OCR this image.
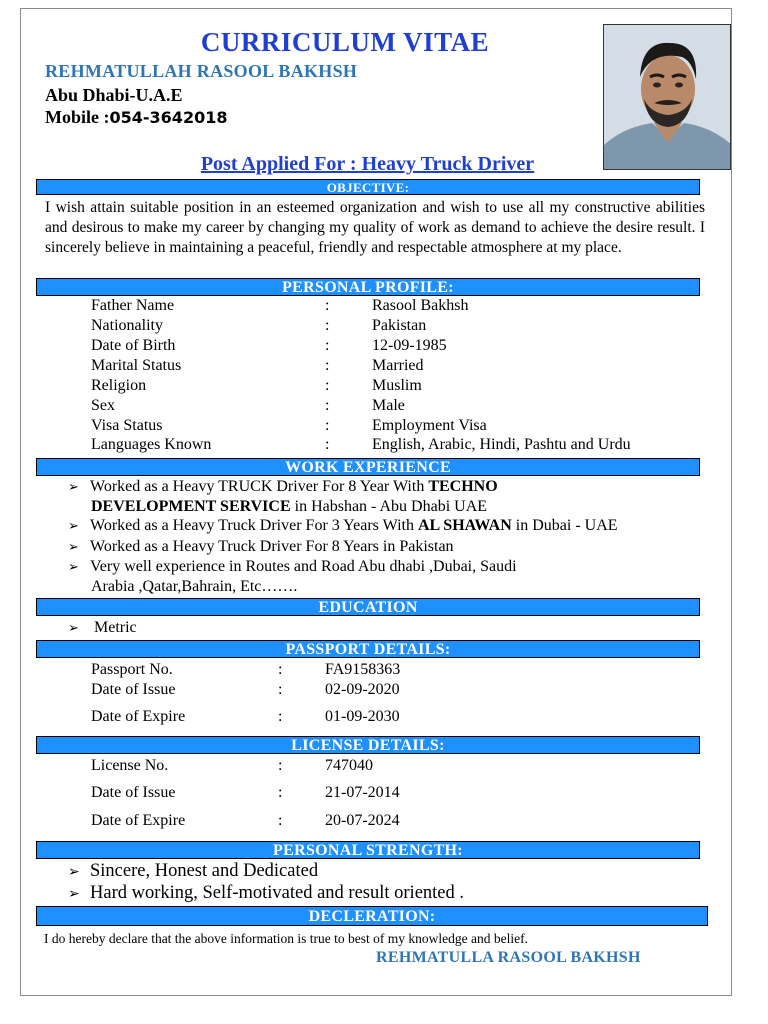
CURRICULUM VITAE
REHMATULLAH RASOOL BAKHSH
Abu Dhabi-U.A.E
Mobile :054-3642018
Post Applied For : Heavy Truck Driver
OBJECTIVE:
I wish attain suitable position in an esteemed organization and wish to use all my constructive abilities and desirous to make my career by changing my quality of work as demand to achieve the desire result. I sincerely believe in maintaining a peaceful, friendly and respectable atmosphere at my place.
PERSONAL PROFILE:
Father Name	:	Rasool Bakhsh
Nationality	:	Pakistan
Date of Birth	:	12-09-1985
Marital Status	:	Married
Religion	:	Muslim
Sex	:	Male
Visa Status	:	Employment Visa
Languages Known	:	English, Arabic, Hindi, Pashtu and Urdu
WORK EXPERIENCE
➢ Worked as a Heavy TRUCK Driver For 8 Year With TECHNO
DEVELOPMENT SERVICE in Habshan - Abu Dhabi UAE
➢ Worked as a Heavy Truck Driver For 3 Years With AL SHAWAN in Dubai - UAE
➢ Worked as a Heavy Truck Driver For 8 Years in Pakistan
➢ Very well experience in Routes and Road Abu dhabi ,Dubai, Saudi
Arabia ,Qatar,Bahrain, Etc…….
EDUCATION
➢ Metric
PASSPORT DETAILS:
Passport No.	:	FA9158363
Date of Issue	:	02-09-2020
Date of Expire	:	01-09-2030
LICENSE DETAILS:
License No.	:	747040
Date of Issue	:	21-07-2014
Date of Expire	:	20-07-2024
PERSONAL STRENGTH:
➢ Sincere, Honest and Dedicated
➢ Hard working, Self-motivated and result oriented .
DECLERATION:
I do hereby declare that the above information is true to best of my knowledge and belief.
REHMATULLA RASOOL BAKHSH
